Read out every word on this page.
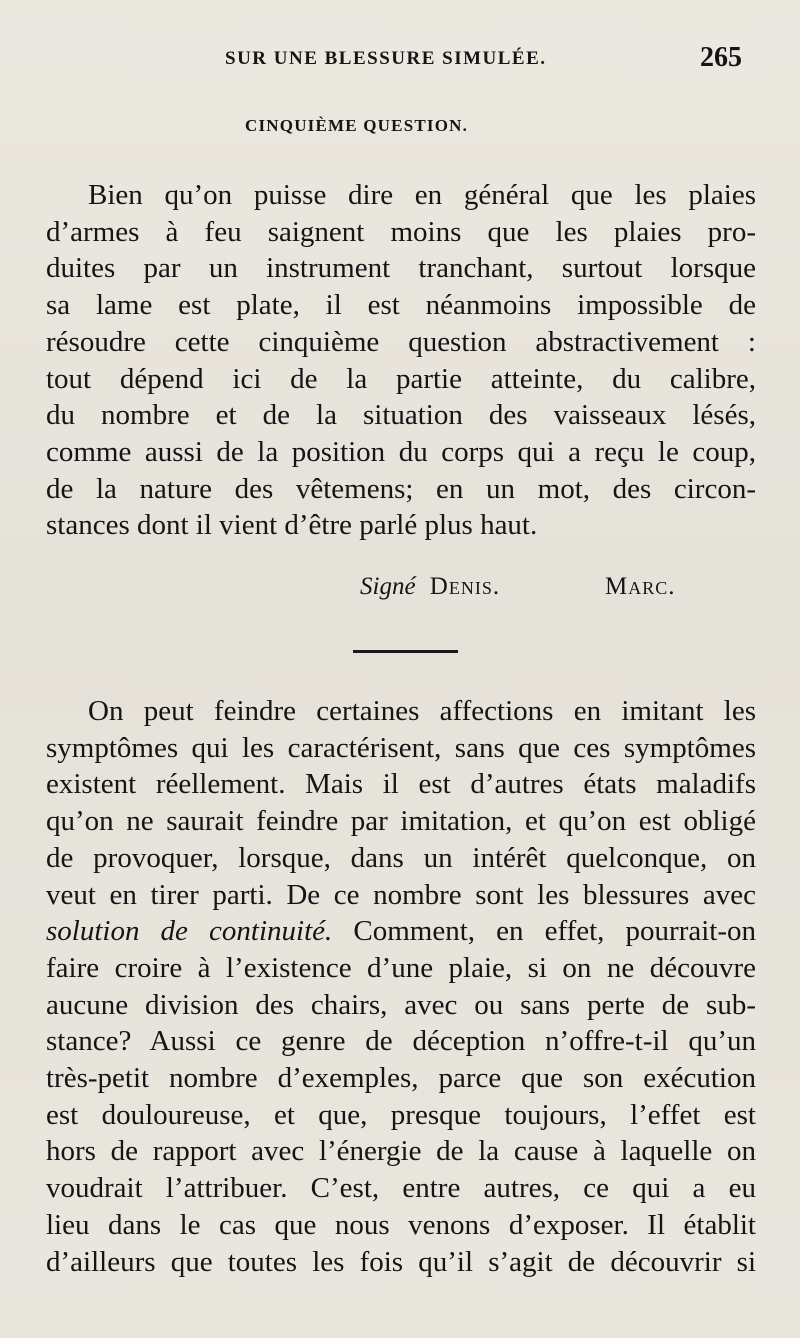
SUR UNE BLESSURE SIMULÉE.	265
CINQUIÈME QUESTION.
Bien qu’on puisse dire en général que les plaies
d’armes à feu saignent moins que les plaies pro-
duites par un instrument tranchant, surtout lorsque
sa lame est plate, il est néanmoins impossible de
résoudre cette cinquième question abstractivement :
tout dépend ici de la partie atteinte, du calibre,
du nombre et de la situation des vaisseaux lésés,
comme aussi de la position du corps qui a reçu le coup,
de la nature des vêtemens; en un mot, des circon-
stances dont il vient d’être parlé plus haut.
Signé Denis.	Marc.
On peut feindre certaines affections en imitant les
symptômes qui les caractérisent, sans que ces symptômes
existent réellement. Mais il est d’autres états maladifs
qu’on ne saurait feindre par imitation, et qu’on est obligé
de provoquer, lorsque, dans un intérêt quelconque, on
veut en tirer parti. De ce nombre sont les blessures avec
solution de continuité. Comment, en effet, pourrait-on
faire croire à l’existence d’une plaie, si on ne découvre
aucune division des chairs, avec ou sans perte de sub-
stance? Aussi ce genre de déception n’offre-t-il qu’un
très-petit nombre d’exemples, parce que son exécution
est douloureuse, et que, presque toujours, l’effet est
hors de rapport avec l’énergie de la cause à laquelle on
voudrait l’attribuer. C’est, entre autres, ce qui a eu
lieu dans le cas que nous venons d’exposer. Il établit
d’ailleurs que toutes les fois qu’il s’agit de découvrir si
